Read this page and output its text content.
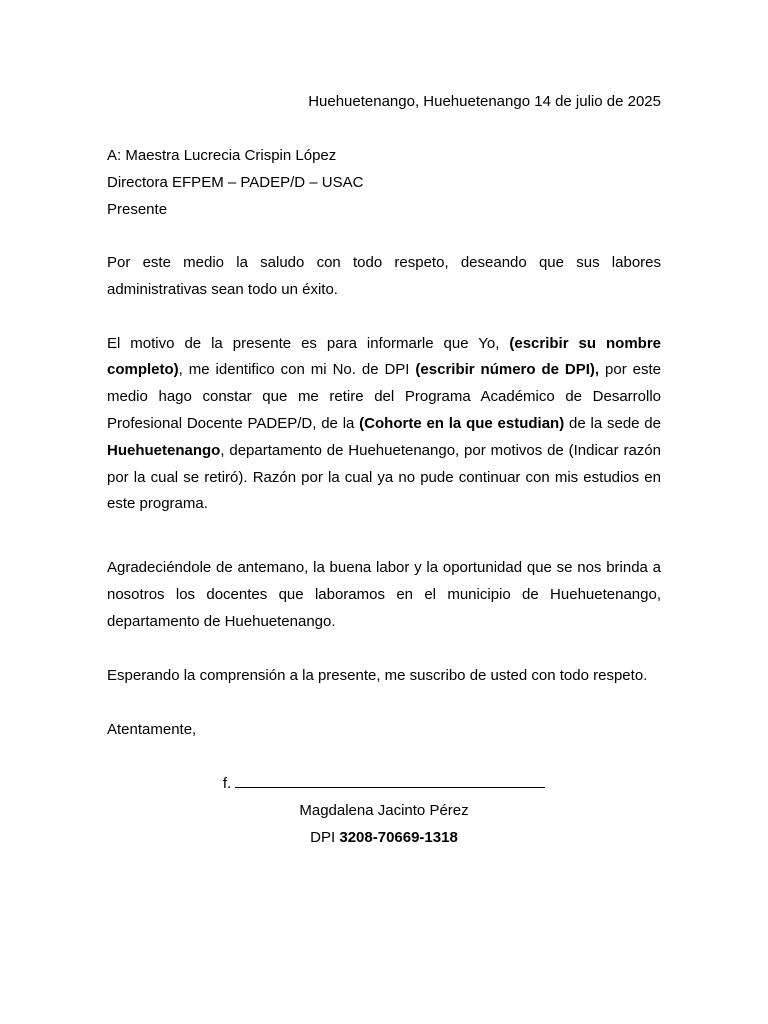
Huehuetenango, Huehuetenango 14 de julio de 2025

A: Maestra Lucrecia Crispin López

Directora EFPEM – PADEP/D – USAC

Presente

Por este medio la saludo con todo respeto, deseando que sus labores administrativas sean todo un éxito.

El motivo de la presente es para informarle que Yo, (escribir su nombre completo), me identifico con mi No. de DPI (escribir número de DPI), por este medio hago constar que me retire del Programa Académico de Desarrollo Profesional Docente PADEP/D, de la (Cohorte en la que estudian) de la sede de Huehuetenango, departamento de Huehuetenango, por motivos de (Indicar razón por la cual se retiró). Razón por la cual ya no pude continuar con mis estudios en este programa.

Agradeciéndole de antemano, la buena labor y la oportunidad que se nos brinda a nosotros los docentes que laboramos en el municipio de Huehuetenango, departamento de Huehuetenango.

Esperando la comprensión a la presente, me suscribo de usted con todo respeto.

Atentamente,

f.

Magdalena Jacinto Pérez

DPI 3208-70669-1318
